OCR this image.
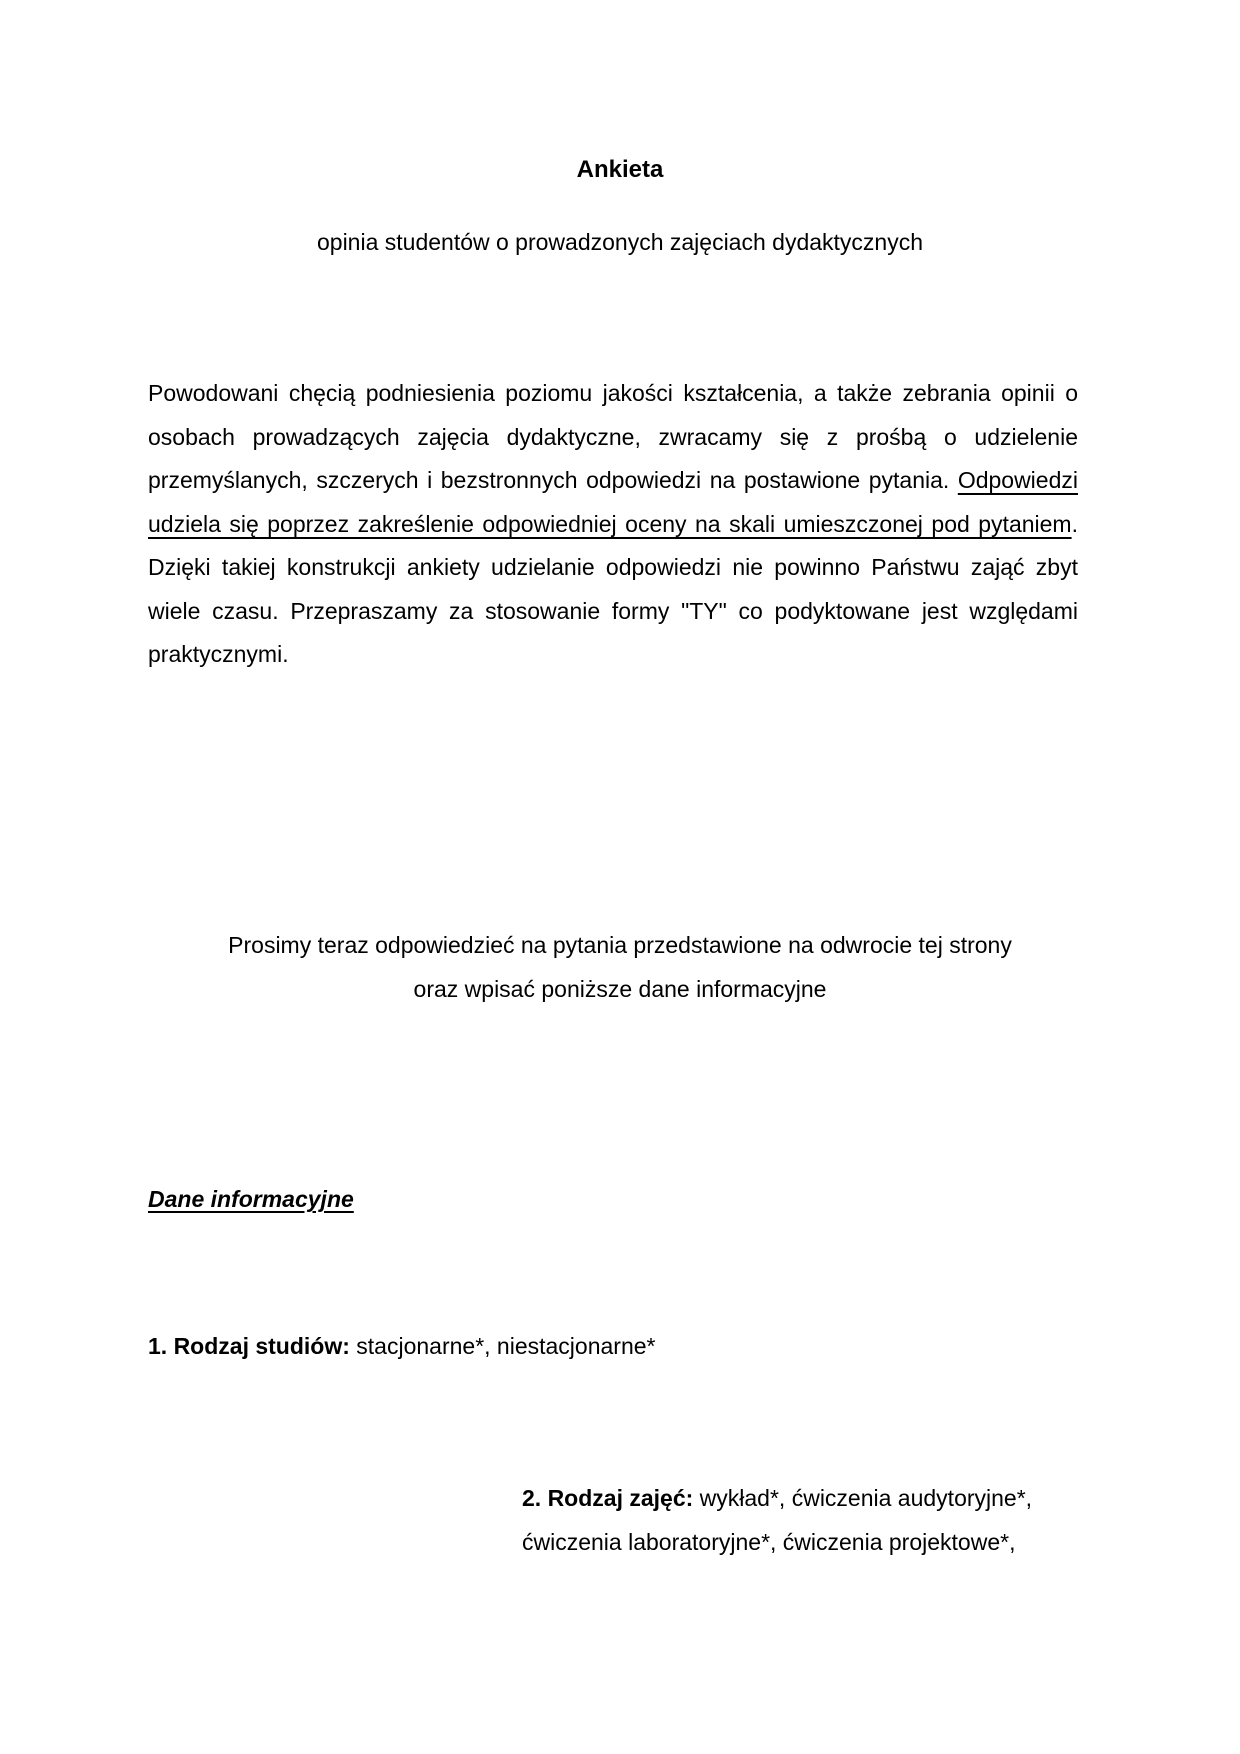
Ankieta
opinia studentów o prowadzonych zajęciach dydaktycznych

Powodowani chęcią podniesienia poziomu jakości kształcenia, a także zebrania opinii o osobach prowadzących zajęcia dydaktyczne, zwracamy się z prośbą o udzielenie przemyślanych, szczerych i bezstronnych odpowiedzi na postawione pytania. Odpowiedzi udziela się poprzez zakreślenie odpowiedniej oceny na skali umieszczonej pod pytaniem. Dzięki takiej konstrukcji ankiety udzielanie odpowiedzi nie powinno Państwu zająć zbyt wiele czasu. Przepraszamy za stosowanie formy "TY" co podyktowane jest względami praktycznymi.

Prosimy teraz odpowiedzieć na pytania przedstawione na odwrocie tej strony
oraz wpisać poniższe dane informacyjne
Dane informacyjne
1. Rodzaj studiów: stacjonarne*, niestacjonarne*
2. Rodzaj zajęć: wykład*, ćwiczenia audytoryjne*,
ćwiczenia laboratoryjne*, ćwiczenia projektowe*,
